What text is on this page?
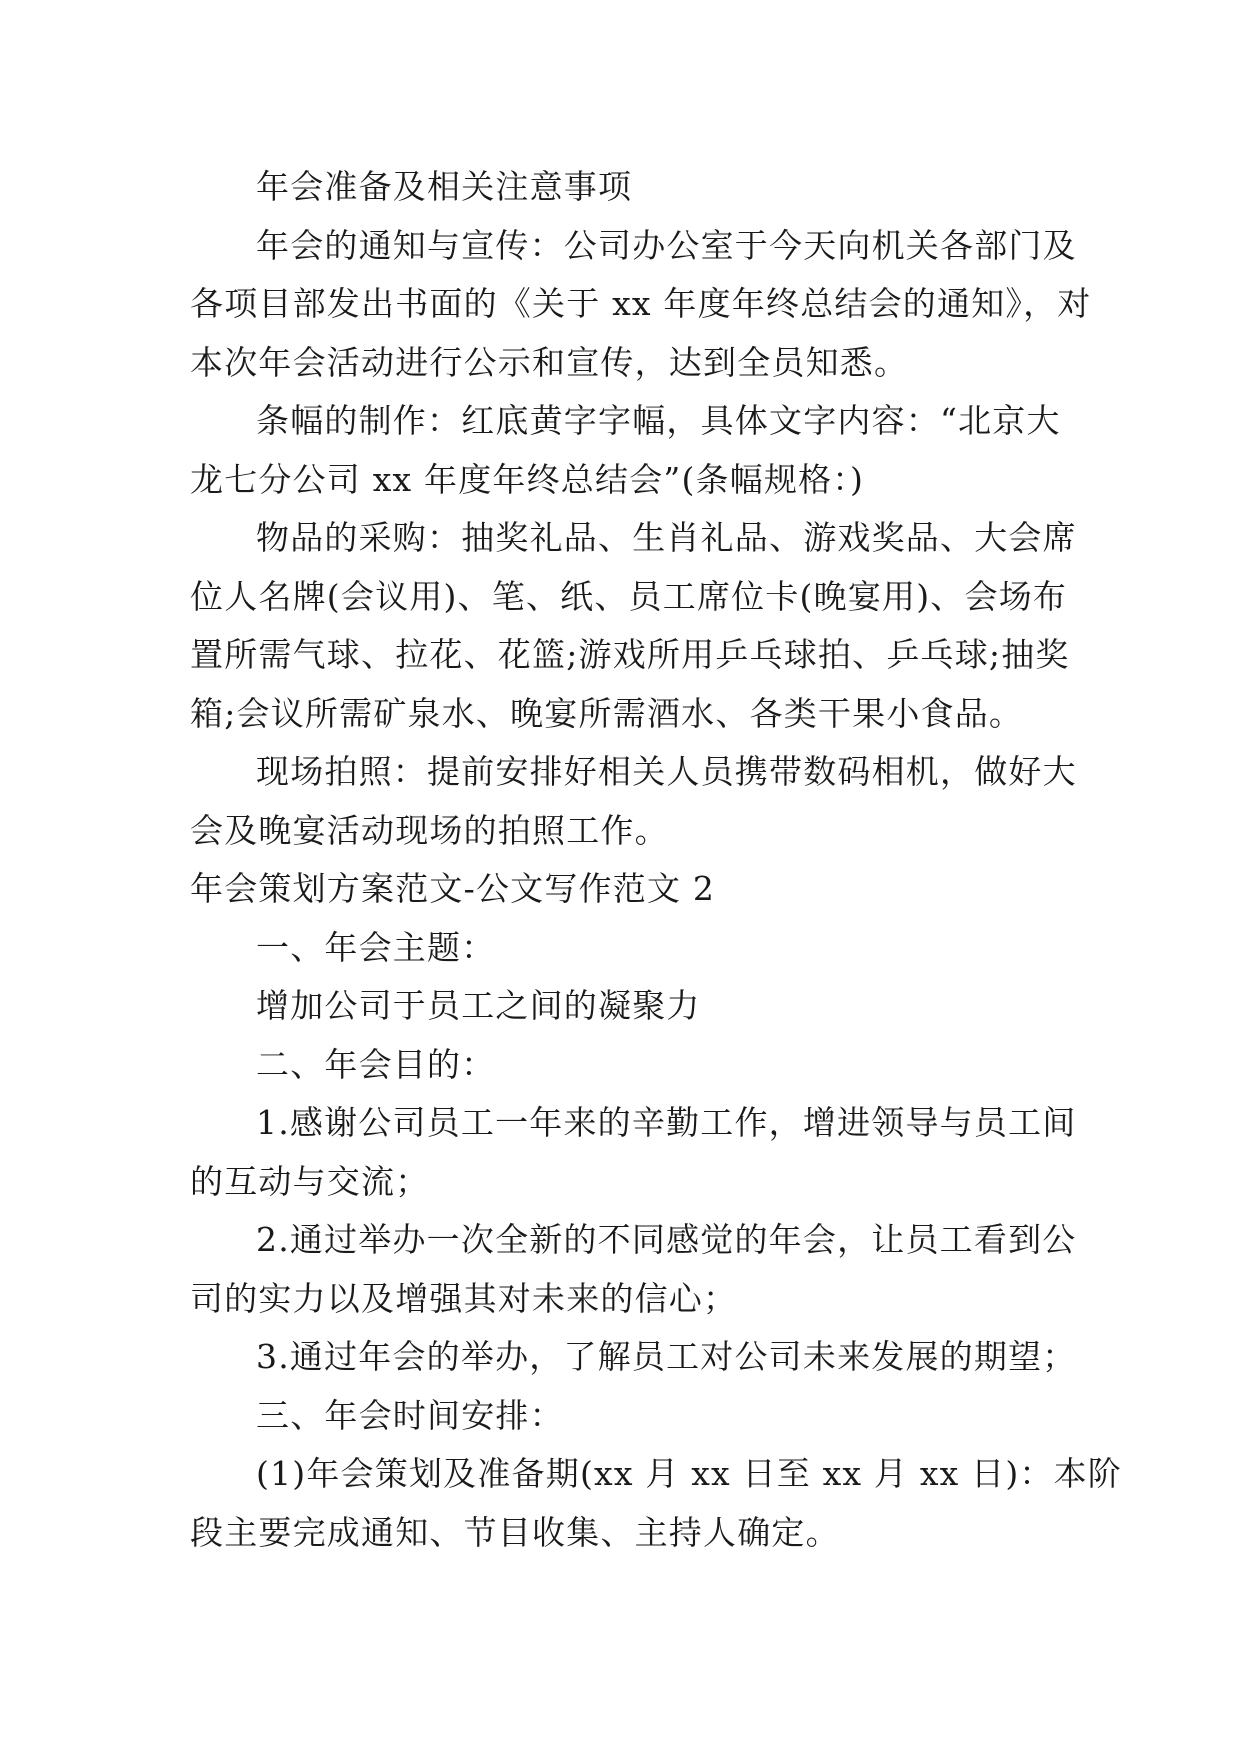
年会准备及相关注意事项
年会的通知与宣传：公司办公室于今天向机关各部门及
各项目部发出书面的《关于 xx 年度年终总结会的通知》，对
本次年会活动进行公示和宣传，达到全员知悉。
条幅的制作：红底黄字字幅，具体文字内容：“北京大
龙七分公司 xx 年度年终总结会”(条幅规格：)
物品的采购：抽奖礼品、生肖礼品、游戏奖品、大会席
位人名牌(会议用)、笔、纸、员工席位卡(晚宴用)、会场布
置所需气球、拉花、花篮;游戏所用乒乓球拍、乒乓球;抽奖
箱;会议所需矿泉水、晚宴所需酒水、各类干果小食品。
现场拍照：提前安排好相关人员携带数码相机，做好大
会及晚宴活动现场的拍照工作。
年会策划方案范文-公文写作范文 2
一、年会主题：
增加公司于员工之间的凝聚力
二、年会目的：
1.感谢公司员工一年来的辛勤工作，增进领导与员工间
的互动与交流；
2.通过举办一次全新的不同感觉的年会，让员工看到公
司的实力以及增强其对未来的信心；
3.通过年会的举办，了解员工对公司未来发展的期望；
三、年会时间安排：
(1)年会策划及准备期(xx 月 xx 日至 xx 月 xx 日)：本阶
段主要完成通知、节目收集、主持人确定。
